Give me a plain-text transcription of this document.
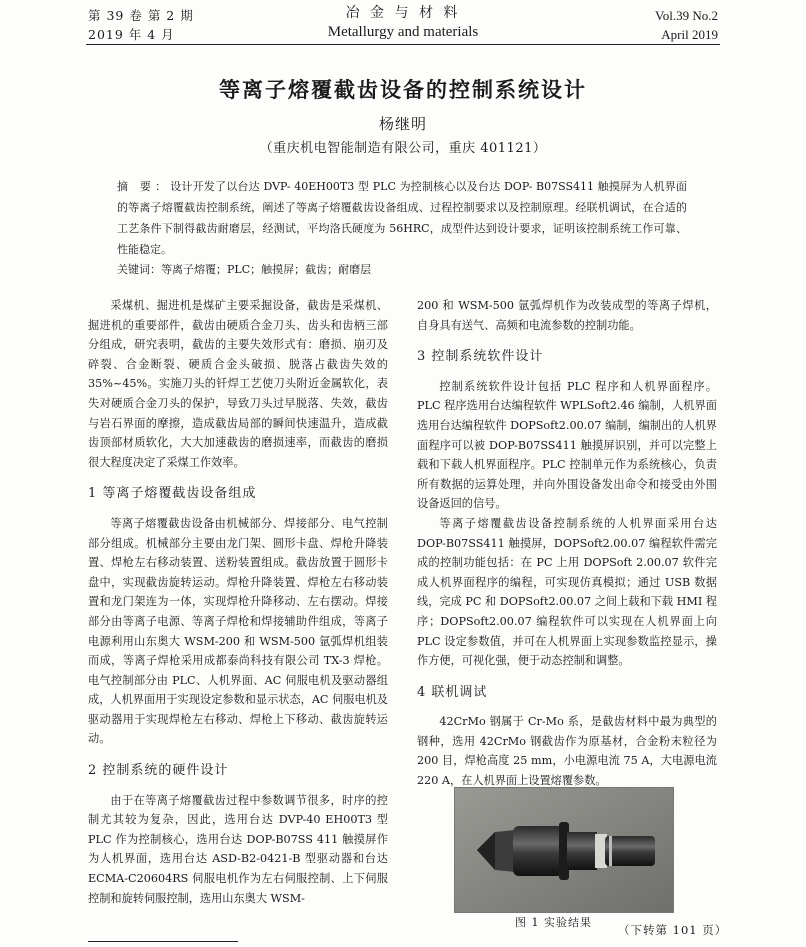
第 39 卷 第 2 期
2019 年 4 月
冶 金 与 材 料
Metallurgy and materials
Vol.39 No.2
April 2019
等离子熔覆截齿设备的控制系统设计
杨继明
（重庆机电智能制造有限公司，重庆 401121）
摘 要：设计开发了以台达 DVP- 40EH00T3 型 PLC 为控制核心以及台达 DOP- B07SS411 触摸屏为人机界面的等离子熔覆截齿控制系统，阐述了等离子熔覆截齿设备组成、过程控制要求以及控制原理。经联机调试，在合适的工艺条件下制得截齿耐磨层，经测试，平均洛氏硬度为 56HRC，成型件达到设计要求，证明该控制系统工作可靠、性能稳定。
关键词：等离子熔覆；PLC；触摸屏；截齿；耐磨层

采煤机、掘进机是煤矿主要采掘设备，截齿是采煤机、掘进机的重要部件，截齿由硬质合金刀头、齿头和齿柄三部分组成，研究表明，截齿的主要失效形式有：磨损、崩刃及碎裂、合金断裂、硬质合金头破损、脱落占截齿失效的 35%~45%。实施刀头的钎焊工艺使刀头附近金属软化，表失对硬质合金刀头的保护，导致刀头过早脱落、失效，截齿与岩石界面的摩擦，造成截齿局部的瞬间快速温升，造成截齿顶部材质软化，大大加速截齿的磨损速率，而截齿的磨损很大程度决定了采煤工作效率。

1 等离子熔覆截齿设备组成

等离子熔覆截齿设备由机械部分、焊接部分、电气控制部分组成。机械部分主要由龙门架、圆形卡盘、焊枪升降装置、焊枪左右移动装置、送粉装置组成。截齿放置于圆形卡盘中，实现截齿旋转运动。焊枪升降装置、焊枪左右移动装置和龙门架连为一体，实现焊枪升降移动、左右摆动。焊接部分由等离子电源、等离子焊枪和焊接辅助件组成，等离子电源利用山东奥大 WSM-200 和 WSM-500 氩弧焊机组装而成，等离子焊枪采用成都泰尚科技有限公司 TX-3 焊枪。电气控制部分由 PLC、人机界面、AC 伺服电机及驱动器组成，人机界面用于实现设定参数和显示状态，AC 伺服电机及驱动器用于实现焊枪左右移动、焊枪上下移动、截齿旋转运动。

2 控制系统的硬件设计

由于在等离子熔覆截齿过程中参数调节很多，时序的控制尤其较为复杂，因此，选用台达 DVP-40 EH00T3 型 PLC 作为控制核心，选用台达 DOP-B07SS 411 触摸屏作为人机界面，选用台达 ASD-B2-0421-B 型驱动器和台达 ECMA-C20604RS 伺服电机作为左右伺服控制、上下伺服控制和旋转伺服控制，选用山东奥大 WSM-

200 和 WSM-500 氩弧焊机作为改装成型的等离子焊机，自身具有送气、高频和电流参数的控制功能。

3 控制系统软件设计

控制系统软件设计包括 PLC 程序和人机界面程序。PLC 程序选用台达编程软件 WPLSoft2.46 编制，人机界面选用台达编程软件 DOPSoft2.00.07 编制，编制出的人机界面程序可以被 DOP-B07SS411 触摸屏识别，并可以完整上载和下载人机界面程序。PLC 控制单元作为系统核心，负责所有数据的运算处理，并向外围设备发出命令和接受由外围设备返回的信号。

等离子熔覆截齿设备控制系统的人机界面采用台达 DOP-B07SS411 触摸屏，DOPSoft2.00.07 编程软件需完成的控制功能包括：在 PC 上用 DOPSoft 2.00.07 软件完成人机界面程序的编程，可实现仿真模拟；通过 USB 数据线，完成 PC 和 DOPSoft2.00.07 之间上载和下载 HMI 程序；DOPSoft2.00.07 编程软件可以实现在人机界面上向 PLC 设定参数值，并可在人机界面上实现参数监控显示，操作方便，可视化强，便于动态控制和调整。

4 联机调试

42CrMo 钢属于 Cr-Mo 系，是截齿材料中最为典型的钢种，选用 42CrMo 钢截齿作为原基材，合金粉末粒径为 200 目，焊枪高度 25 mm，小电源电流 75 A，大电源电流 220 A，在人机界面上设置熔覆参数。

图 1 实验结果
（下转第 101 页）
